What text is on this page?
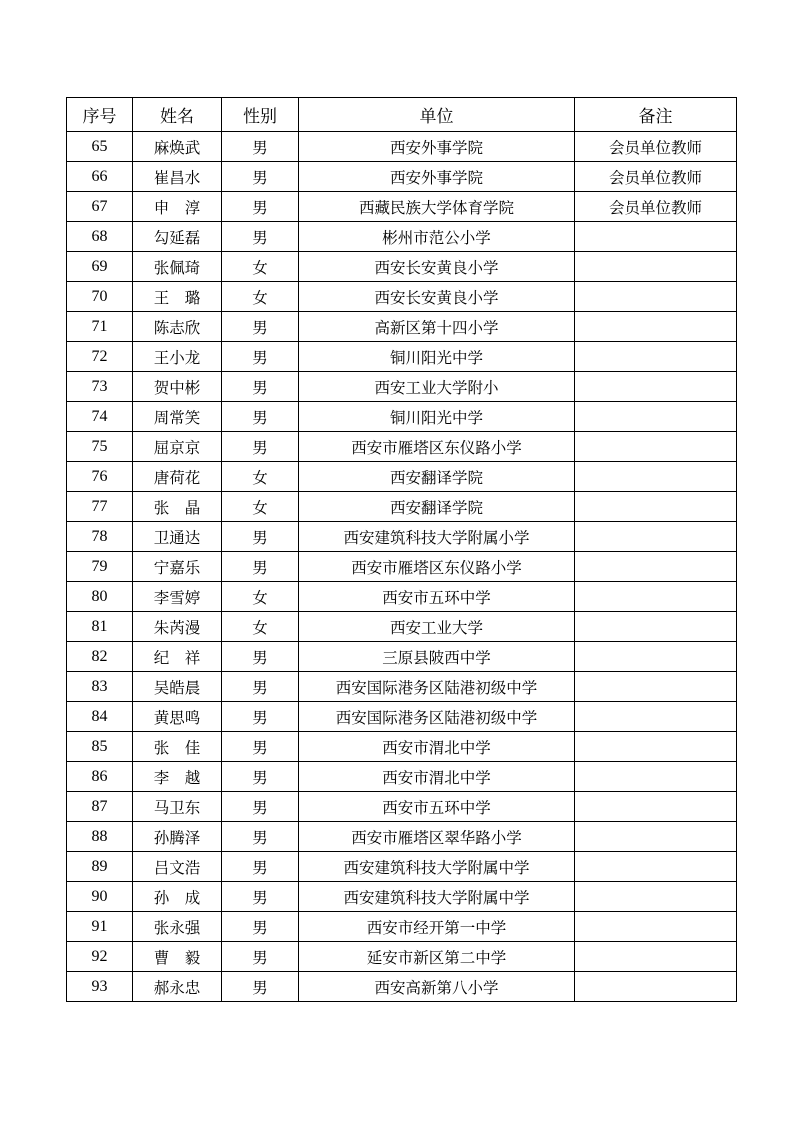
序号	姓名	性别	单位	备注
65	麻焕武	男	西安外事学院	会员单位教师
66	崔昌水	男	西安外事学院	会员单位教师
67	申　淳	男	西藏民族大学体育学院	会员单位教师
68	勾延磊	男	彬州市范公小学	
69	张佩琦	女	西安长安黄良小学	
70	王　璐	女	西安长安黄良小学	
71	陈志欣	男	高新区第十四小学	
72	王小龙	男	铜川阳光中学	
73	贺中彬	男	西安工业大学附小	
74	周常笑	男	铜川阳光中学	
75	屈京京	男	西安市雁塔区东仪路小学	
76	唐荷花	女	西安翻译学院	
77	张　晶	女	西安翻译学院	
78	卫通达	男	西安建筑科技大学附属小学	
79	宁嘉乐	男	西安市雁塔区东仪路小学	
80	李雪婷	女	西安市五环中学	
81	朱芮漫	女	西安工业大学	
82	纪　祥	男	三原县陂西中学	
83	吴皓晨	男	西安国际港务区陆港初级中学	
84	黄思鸣	男	西安国际港务区陆港初级中学	
85	张　佳	男	西安市渭北中学	
86	李　越	男	西安市渭北中学	
87	马卫东	男	西安市五环中学	
88	孙腾泽	男	西安市雁塔区翠华路小学	
89	吕文浩	男	西安建筑科技大学附属中学	
90	孙　成	男	西安建筑科技大学附属中学	
91	张永强	男	西安市经开第一中学	
92	曹　毅	男	延安市新区第二中学	
93	郝永忠	男	西安高新第八小学	
